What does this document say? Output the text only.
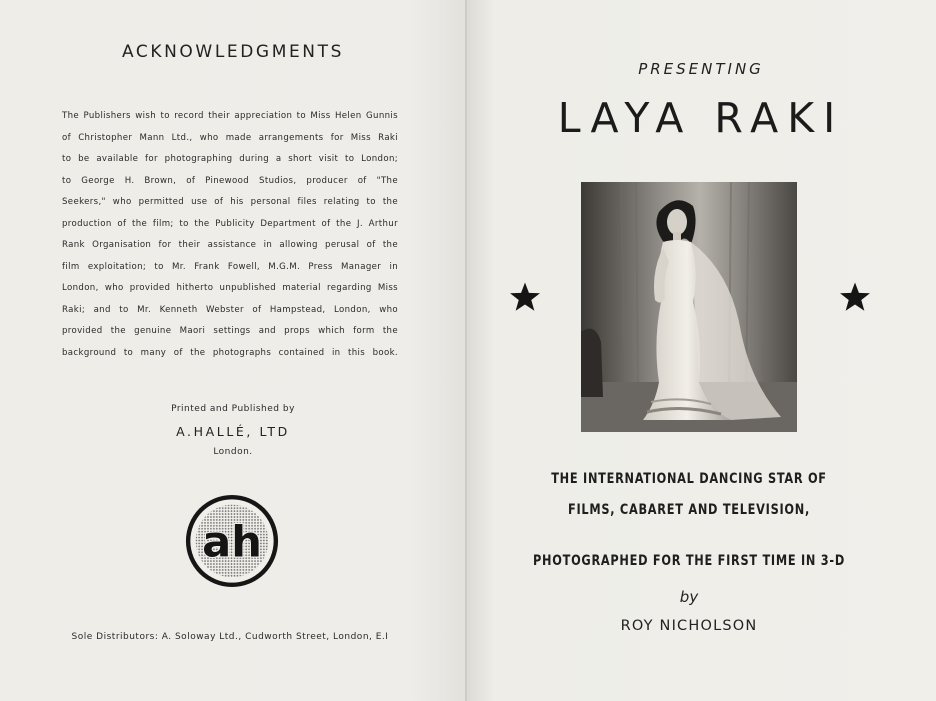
ACKNOWLEDGMENTS
The Publishers wish to record their appreciation to Miss Helen Gunnis
of Christopher Mann Ltd., who made arrangements for Miss Raki
to be available for photographing during a short visit to London;
to George H. Brown, of Pinewood Studios, producer of "The
Seekers," who permitted use of his personal files relating to the
production of the film; to the Publicity Department of the J. Arthur
Rank Organisation for their assistance in allowing perusal of the
film exploitation; to Mr. Frank Fowell, M.G.M. Press Manager in
London, who provided hitherto unpublished material regarding Miss
Raki; and to Mr. Kenneth Webster of Hampstead, London, who
provided the genuine Maori settings and props which form the
background to many of the photographs contained in this book.
Printed and Published by
A.HALLÉ, LTD
London.
ah
Sole Distributors: A. Soloway Ltd., Cudworth Street, London, E.I
PRESENTING
LAYA RAKI
THE INTERNATIONAL DANCING STAR OF
FILMS, CABARET AND TELEVISION,
PHOTOGRAPHED FOR THE FIRST TIME IN 3-D
by
ROY NICHOLSON
